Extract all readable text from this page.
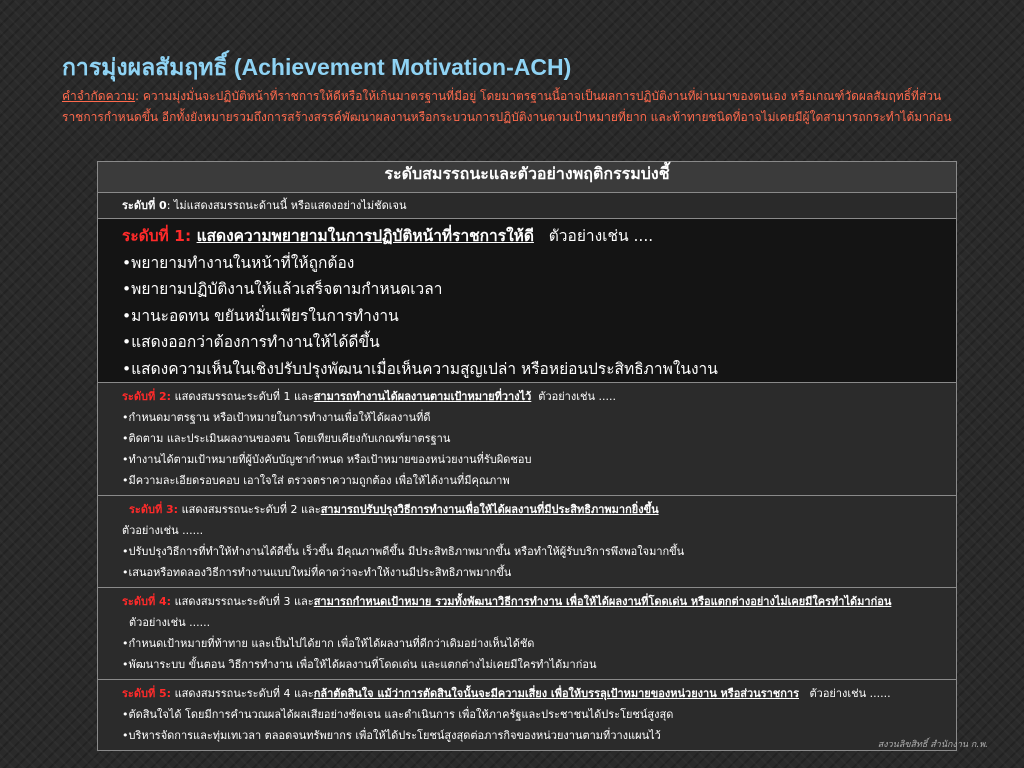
การมุ่งผลสัมฤทธิ์ (Achievement Motivation-ACH)
คำจำกัดความ: ความมุ่งมั่นจะปฏิบัติหน้าที่ราชการให้ดีหรือให้เกินมาตรฐานที่มีอยู่ โดยมาตรฐานนี้อาจเป็นผลการปฏิบัติงานที่ผ่านมาของตนเอง หรือเกณฑ์วัดผลสัมฤทธิ์ที่ส่วนราชการกำหนดขึ้น อีกทั้งยังหมายรวมถึงการสร้างสรรค์พัฒนาผลงานหรือกระบวนการปฏิบัติงานตามเป้าหมายที่ยาก และท้าทายชนิดที่อาจไม่เคยมีผู้ใดสามารถกระทำได้มาก่อน
ระดับสมรรถนะและตัวอย่างพฤติกรรมบ่งชี้
ระดับที่ 0: ไม่แสดงสมรรถนะด้านนี้ หรือแสดงอย่างไม่ชัดเจน

ระดับที่ 1: แสดงความพยายามในการปฏิบัติหน้าที่ราชการให้ดี   ตัวอย่างเช่น ....
•พยายามทำงานในหน้าที่ให้ถูกต้อง
•พยายามปฏิบัติงานให้แล้วเสร็จตามกำหนดเวลา
•มานะอดทน ขยันหมั่นเพียรในการทำงาน
•แสดงออกว่าต้องการทำงานให้ได้ดีขึ้น
•แสดงความเห็นในเชิงปรับปรุงพัฒนาเมื่อเห็นความสูญเปล่า หรือหย่อนประสิทธิภาพในงาน

ระดับที่ 2: แสดงสมรรถนะระดับที่ 1 และสามารถทำงานได้ผลงานตามเป้าหมายที่วางไว้  ตัวอย่างเช่น .....
•กำหนดมาตรฐาน หรือเป้าหมายในการทำงานเพื่อให้ได้ผลงานที่ดี
•ติดตาม และประเมินผลงานของตน โดยเทียบเคียงกับเกณฑ์มาตรฐาน
•ทำงานได้ตามเป้าหมายที่ผู้บังคับบัญชากำหนด หรือเป้าหมายของหน่วยงานที่รับผิดชอบ
•มีความละเอียดรอบคอบ เอาใจใส่ ตรวจตราความถูกต้อง เพื่อให้ได้งานที่มีคุณภาพ

ระดับที่ 3: แสดงสมรรถนะระดับที่ 2 และสามารถปรับปรุงวิธีการทำงานเพื่อให้ได้ผลงานที่มีประสิทธิภาพมากยิ่งขึ้น
ตัวอย่างเช่น ......
•ปรับปรุงวิธีการที่ทำให้ทำงานได้ดีขึ้น เร็วขึ้น มีคุณภาพดีขึ้น มีประสิทธิภาพมากขึ้น หรือทำให้ผู้รับบริการพึงพอใจมากขึ้น
•เสนอหรือทดลองวิธีการทำงานแบบใหม่ที่คาดว่าจะทำให้งานมีประสิทธิภาพมากขึ้น

ระดับที่ 4: แสดงสมรรถนะระดับที่ 3 และสามารถกำหนดเป้าหมาย รวมทั้งพัฒนาวิธีการทำงาน เพื่อให้ได้ผลงานที่โดดเด่น หรือแตกต่างอย่างไม่เคยมีใครทำได้มาก่อน  ตัวอย่างเช่น ......
•กำหนดเป้าหมายที่ท้าทาย และเป็นไปได้ยาก เพื่อให้ได้ผลงานที่ดีกว่าเดิมอย่างเห็นได้ชัด
•พัฒนาระบบ ขั้นตอน วิธีการทำงาน เพื่อให้ได้ผลงานที่โดดเด่น และแตกต่างไม่เคยมีใครทำได้มาก่อน

ระดับที่ 5: แสดงสมรรถนะระดับที่ 4 และกล้าตัดสินใจ แม้ว่าการตัดสินใจนั้นจะมีความเสี่ยง เพื่อให้บรรลุเป้าหมายของหน่วยงาน หรือส่วนราชการ   ตัวอย่างเช่น ......
•ตัดสินใจได้ โดยมีการคำนวณผลได้ผลเสียอย่างชัดเจน และดำเนินการ เพื่อให้ภาครัฐและประชาชนได้ประโยชน์สูงสุด
•บริหารจัดการและทุ่มเทเวลา ตลอดจนทรัพยากร เพื่อให้ได้ประโยชน์สูงสุดต่อภารกิจของหน่วยงานตามที่วางแผนไว้
สงวนลิขสิทธิ์ สำนักงาน ก.พ.
